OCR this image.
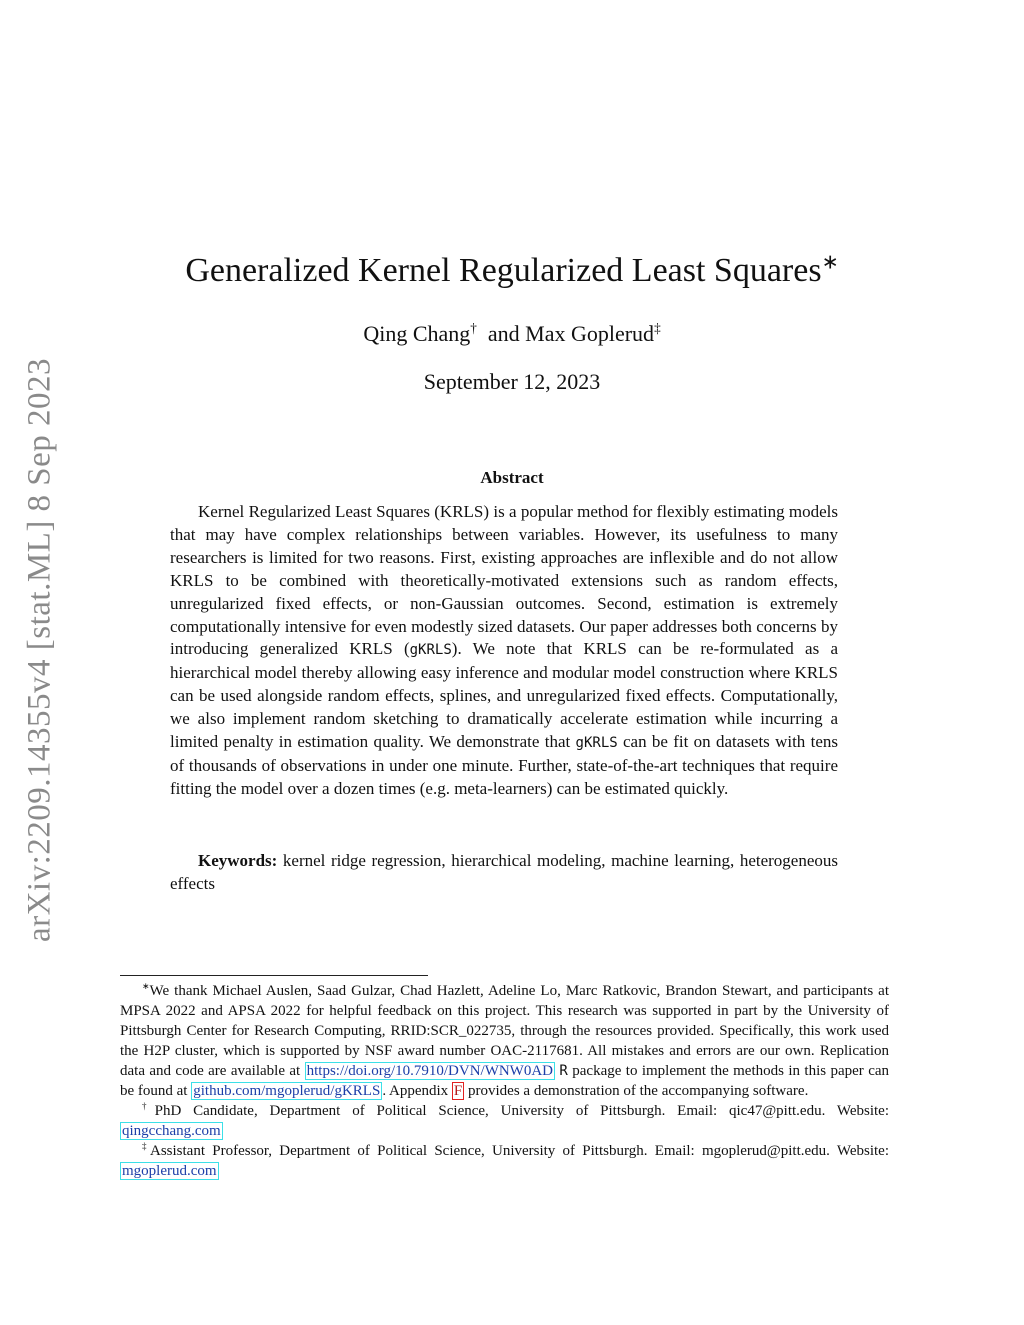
arXiv:2209.14355v4 [stat.ML] 8 Sep 2023
Generalized Kernel Regularized Least Squares∗
Qing Chang† and Max Goplerud‡
September 12, 2023
Abstract
Kernel Regularized Least Squares (KRLS) is a popular method for flexibly estimating models that may have complex relationships between variables. However, its usefulness to many researchers is limited for two reasons. First, existing approaches are inflexible and do not allow KRLS to be combined with theoretically-motivated extensions such as random effects, unregularized fixed effects, or non-Gaussian outcomes. Second, estimation is extremely computationally intensive for even modestly sized datasets. Our paper addresses both concerns by introducing generalized KRLS (gKRLS). We note that KRLS can be re-formulated as a hierarchical model thereby allowing easy inference and modular model construction where KRLS can be used alongside random effects, splines, and unregularized fixed effects. Computationally, we also implement random sketching to dramatically accelerate estimation while incurring a limited penalty in estimation quality. We demonstrate that gKRLS can be fit on datasets with tens of thousands of observations in under one minute. Further, state-of-the-art techniques that require fitting the model over a dozen times (e.g. meta-learners) can be estimated quickly.
Keywords: kernel ridge regression, hierarchical modeling, machine learning, heterogeneous effects

∗We thank Michael Auslen, Saad Gulzar, Chad Hazlett, Adeline Lo, Marc Ratkovic, Brandon Stewart, and participants at MPSA 2022 and APSA 2022 for helpful feedback on this project. This research was supported in part by the University of Pittsburgh Center for Research Computing, RRID:SCR_022735, through the resources provided. Specifically, this work used the H2P cluster, which is supported by NSF award number OAC-2117681. All mistakes and errors are our own. Replication data and code are available at https://doi.org/10.7910/DVN/WNW0AD R package to implement the methods in this paper can be found at github.com/mgoplerud/gKRLS . Appendix F provides a demonstration of the accompanying software.

†PhD Candidate, Department of Political Science, University of Pittsburgh. Email: qic47@pitt.edu. Website: qingcchang.com

‡Assistant Professor, Department of Political Science, University of Pittsburgh. Email: mgoplerud@pitt.edu. Website: mgoplerud.com
